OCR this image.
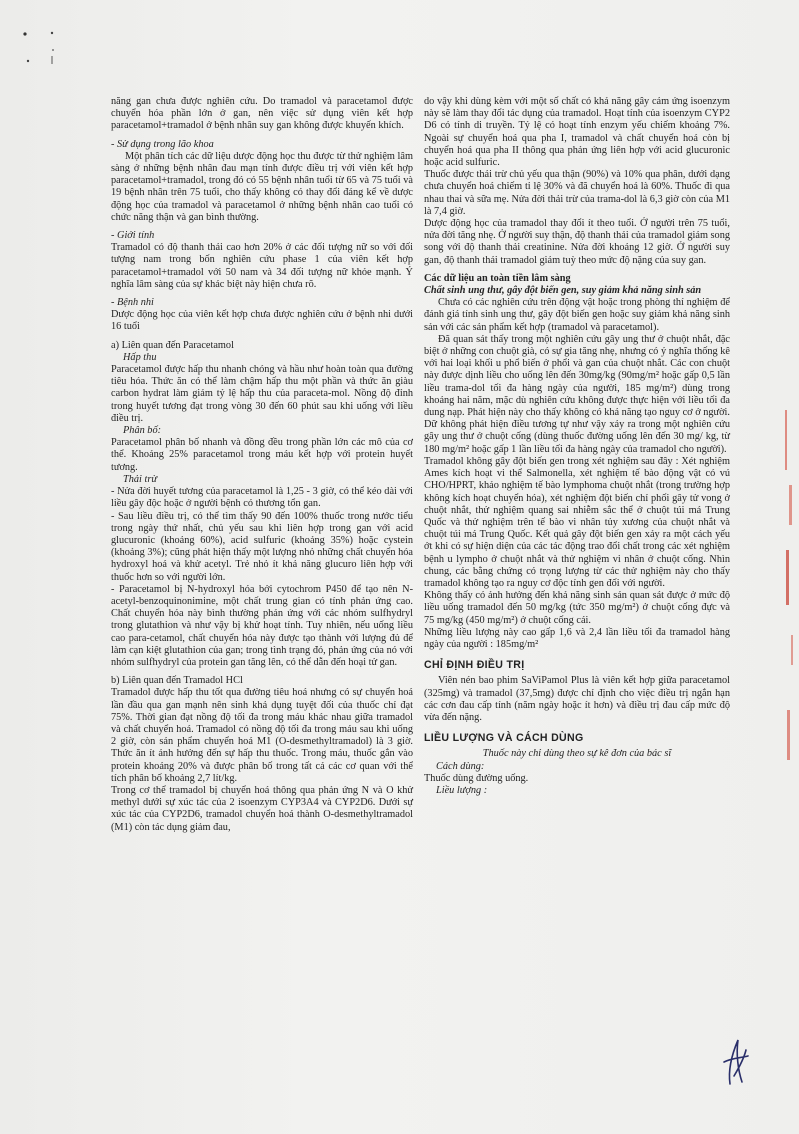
năng gan chưa được nghiên cứu. Do tramadol và paracetamol được chuyển hóa phần lớn ở gan, nên việc sử dụng viên kết hợp paracetamol+tramadol ở bệnh nhân suy gan không được khuyến khích.

- Sử dụng trong lão khoa

Một phân tích các dữ liệu dược động học thu được từ thử nghiệm lâm sàng ở những bệnh nhân đau mạn tính được điều trị với viên kết hợp paracetamol+tramadol, trong đó có 55 bệnh nhân tuổi từ 65 và 75 tuổi và 19 bệnh nhân trên 75 tuổi, cho thấy không có thay đổi đáng kể về dược động học của tramadol và paracetamol ở những bệnh nhân cao tuổi có chức năng thận và gan bình thường.

- Giới tính

Tramadol có độ thanh thải cao hơn 20% ở các đối tượng nữ so với đối tượng nam trong bốn nghiên cứu phase 1 của viên kết hợp paracetamol+tramadol với 50 nam và 34 đối tượng nữ khỏe mạnh. Ý nghĩa lâm sàng của sự khác biệt này hiện chưa rõ.

- Bệnh nhi

Dược động học của viên kết hợp chưa được nghiên cứu ở bệnh nhi dưới 16 tuổi

a) Liên quan đến Paracetamol

Hấp thu

Paracetamol được hấp thu nhanh chóng và hầu như hoàn toàn qua đường tiêu hóa. Thức ăn có thể làm chậm hấp thu một phần và thức ăn giàu carbon hydrat làm giảm tỷ lệ hấp thu của paraceta-mol. Nồng độ đỉnh trong huyết tương đạt trong vòng 30 đến 60 phút sau khi uống với liều điều trị.

Phân bố:

Paracetamol phân bố nhanh và đồng đều trong phần lớn các mô của cơ thể. Khoảng 25% paracetamol trong máu kết hợp với protein huyết tương.

Thải trừ

- Nửa đời huyết tương của paracetamol là 1,25 - 3 giờ, có thể kéo dài với liều gây độc hoặc ở người bệnh có thương tổn gan.

- Sau liều điều trị, có thể tìm thấy 90 đến 100% thuốc trong nước tiểu trong ngày thứ nhất, chủ yếu sau khi liên hợp trong gan với acid glucuronic (khoảng 60%), acid sulfuric (khoảng 35%) hoặc cystein (khoảng 3%); cũng phát hiện thấy một lượng nhỏ những chất chuyển hóa hydroxyl hoá và khử acetyl. Trẻ nhỏ ít khả năng glucuro liên hợp với thuốc hơn so với người lớn.

- Paracetamol bị N-hydroxyl hóa bởi cytochrom P450 để tạo nên N-acetyl-benzoquinonimine, một chất trung gian có tính phản ứng cao. Chất chuyển hóa này bình thường phản ứng với các nhóm sulfhydryl trong glutathion và như vậy bị khử hoạt tính. Tuy nhiên, nếu uống liều cao para-cetamol, chất chuyển hóa này được tạo thành với lượng đủ để làm cạn kiệt glutathion của gan; trong tình trạng đó, phản ứng của nó với nhóm sulfhydryl của protein gan tăng lên, có thể dẫn đến hoại tử gan.

b) Liên quan đến Tramadol HCl

Tramadol được hấp thu tốt qua đường tiêu hoá nhưng có sự chuyển hoá lần đầu qua gan mạnh nên sinh khả dụng tuyệt đối của thuốc chỉ đạt 75%. Thời gian đạt nồng độ tối đa trong máu khác nhau giữa tramadol và chất chuyển hoá. Tramadol có nồng độ tối đa trong máu sau khi uống 2 giờ, còn sản phẩm chuyển hoá M1 (O-desmethyltramadol) là 3 giờ. Thức ăn ít ảnh hưởng đến sự hấp thu thuốc. Trong máu, thuốc gắn vào protein khoảng 20% và được phân bố trong tất cả các cơ quan với thể tích phân bố khoảng 2,7 lít/kg.

Trong cơ thể tramadol bị chuyển hoá thông qua phản ứng N và O khử methyl dưới sự xúc tác của 2 isoenzym CYP3A4 và CYP2D6. Dưới sự xúc tác của CYP2D6, tramadol chuyển hoá thành O-desmethyltramadol (M1) còn tác dụng giảm đau,

do vậy khi dùng kèm với một số chất có khả năng gây cảm ứng isoenzym này sẽ làm thay đổi tác dụng của tramadol. Hoạt tính của isoenzym CYP2 D6 có tính di truyền. Tỷ lệ có hoạt tính enzym yếu chiếm khoảng 7%. Ngoài sự chuyển hoá qua pha I, tramadol và chất chuyển hoá còn bị chuyển hoá qua pha II thông qua phản ứng liên hợp với acid glucuronic hoặc acid sulfuric.

Thuốc được thải trừ chủ yếu qua thận (90%) và 10% qua phân, dưới dạng chưa chuyển hoá chiếm tỉ lệ 30% và đã chuyển hoá là 60%. Thuốc đi qua nhau thai và sữa mẹ. Nửa đời thải trừ của trama-dol là 6,3 giờ còn của M1 là 7,4 giờ.

Dược động học của tramadol thay đổi ít theo tuổi. Ở người trên 75 tuổi, nửa đời tăng nhẹ. Ở người suy thận, độ thanh thải của tramadol giảm song song với độ thanh thải creatinine. Nửa đời khoảng 12 giờ. Ở người suy gan, độ thanh thải tramadol giảm tuỳ theo mức độ nặng của suy gan.

Các dữ liệu an toàn tiền lâm sàng

Chất sinh ung thư, gây đột biến gen, suy giảm khả năng sinh sản

Chưa có các nghiên cứu trên động vật hoặc trong phòng thí nghiệm để đánh giá tính sinh ung thư, gây đột biến gen hoặc suy giảm khả năng sinh sản với các sản phẩm kết hợp (tramadol và paracetamol).

Đã quan sát thấy trong một nghiên cứu gây ung thư ở chuột nhắt, đặc biệt ở những con chuột già, có sự gia tăng nhẹ, nhưng có ý nghĩa thống kê với hai loại khối u phổ biến ở phổi và gan của chuột nhắt. Các con chuột này được dịnh liều cho uống lên đến 30mg/kg (90mg/m² hoặc gấp 0,5 lần liều trama-dol tối đa hàng ngày của người, 185 mg/m²) dùng trong khoảng hai năm, mặc dù nghiên cứu không được thực hiện với liều tối đa dung nạp. Phát hiện này cho thấy không có khả năng tạo nguy cơ ở người. Dữ không phát hiện điều tương tự như vậy xảy ra trong một nghiên cứu gây ung thư ở chuột cống (dùng thuốc đường uống lên đến 30 mg/ kg, từ 180 mg/m² hoặc gấp 1 lần liều tối đa hàng ngày của tramadol cho người).

Tramadol không gây đột biến gen trong xét nghiệm sau đây : Xét nghiệm Ames kích hoạt vi thể Salmonella, xét nghiệm tế bào động vật có vú CHO/HPRT, khảo nghiệm tế bào lymphoma chuột nhắt (trong trường hợp không kích hoạt chuyển hóa), xét nghiệm đột biến chỉ phối gây tử vong ở chuột nhắt, thử nghiệm quang sai nhiễm sắc thể ở chuột túi má Trung Quốc và thử nghiệm trên tế bào vi nhân tủy xương của chuột nhắt và chuột túi má Trung Quốc. Kết quả gây đột biến gen xảy ra một cách yếu ớt khi có sự hiện diện của các tác động trao đổi chất trong các xét nghiệm bệnh u lympho ở chuột nhắt và thử nghiệm vi nhân ở chuột cống. Nhìn chung, các bằng chứng có trọng lượng từ các thử nghiệm này cho thấy tramadol không tạo ra nguy cơ độc tính gen đối với người.

Không thấy có ảnh hưởng đến khả năng sinh sản quan sát được ở mức độ liều uống tramadol đến 50 mg/kg (tức 350 mg/m²) ở chuột cống đực và 75 mg/kg (450 mg/m²) ở chuột cống cái.

Những liều lượng này cao gấp 1,6 và 2,4 lần liều tối đa tramadol hàng ngày của người : 185mg/m²

CHỈ ĐỊNH ĐIỀU TRỊ

Viên nén bao phim SaViPamol Plus là viên kết hợp giữa paracetamol (325mg) và tramadol (37,5mg) được chỉ định cho việc điều trị ngắn hạn các cơn đau cấp tính (năm ngày hoặc ít hơn) và điều trị đau cấp mức độ vừa đến nặng.

LIỀU LƯỢNG VÀ CÁCH DÙNG

Thuốc này chỉ dùng theo sự kê đơn của bác sĩ

Cách dùng:

Thuốc dùng đường uống.

Liều lượng :
